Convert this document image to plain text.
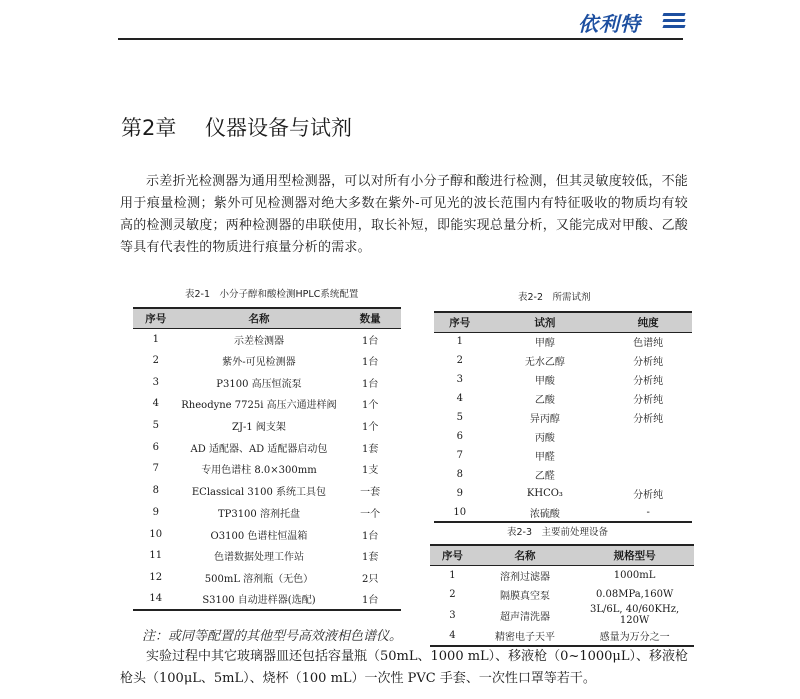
依利特
第2章 仪器设备与试剂

示差折光检测器为通用型检测器，可以对所有小分子醇和酸进行检测，但其灵敏度较低，不能用于痕量检测；紫外可见检测器对绝大多数在紫外-可见光的波长范围内有特征吸收的物质均有较高的检测灵敏度；两种检测器的串联使用，取长补短，即能实现总量分析，又能完成对甲酸、乙酸等具有代表性的物质进行痕量分析的需求。

表2-1　小分子醇和酸检测HPLC系统配置
序号	名称	数量
1	示差检测器	1台
2	紫外-可见检测器	1台
3	P3100 高压恒流泵	1台
4	Rheodyne 7725i 高压六通进样阀	1个
5	ZJ-1 阀支架	1个
6	AD 适配器、AD 适配器启动包	1套
7	专用色谱柱 8.0×300mm	1支
8	EClassical 3100 系统工具包	一套
9	TP3100 溶剂托盘	一个
10	O3100 色谱柱恒温箱	1台
11	色谱数据处理工作站	1套
12	500mL 溶剂瓶（无色）	2只
14	S3100 自动进样器(选配)	1台
表2-2　所需试剂
序号	试剂	纯度
1	甲醇	色谱纯
2	无水乙醇	分析纯
3	甲酸	分析纯
4	乙酸	分析纯
5	异丙醇	分析纯
6	丙酸	
7	甲醛	
8	乙醛	
9	KHCO₃	分析纯
10	浓硫酸	-
表2-3　主要前处理设备
序号	名称	规格型号
1	溶剂过滤器	1000mL
2	隔膜真空泵	0.08MPa,160W
3	超声清洗器	3L/6L, 40/60KHz, 120W
4	精密电子天平	感量为万分之一
注：或同等配置的其他型号高效液相色谱仪。

实验过程中其它玻璃器皿还包括容量瓶（50mL、1000 mL）、移液枪（0~1000μL）、移液枪枪头（100μL、5mL）、烧杯（100 mL）一次性 PVC 手套、一次性口罩等若干。
